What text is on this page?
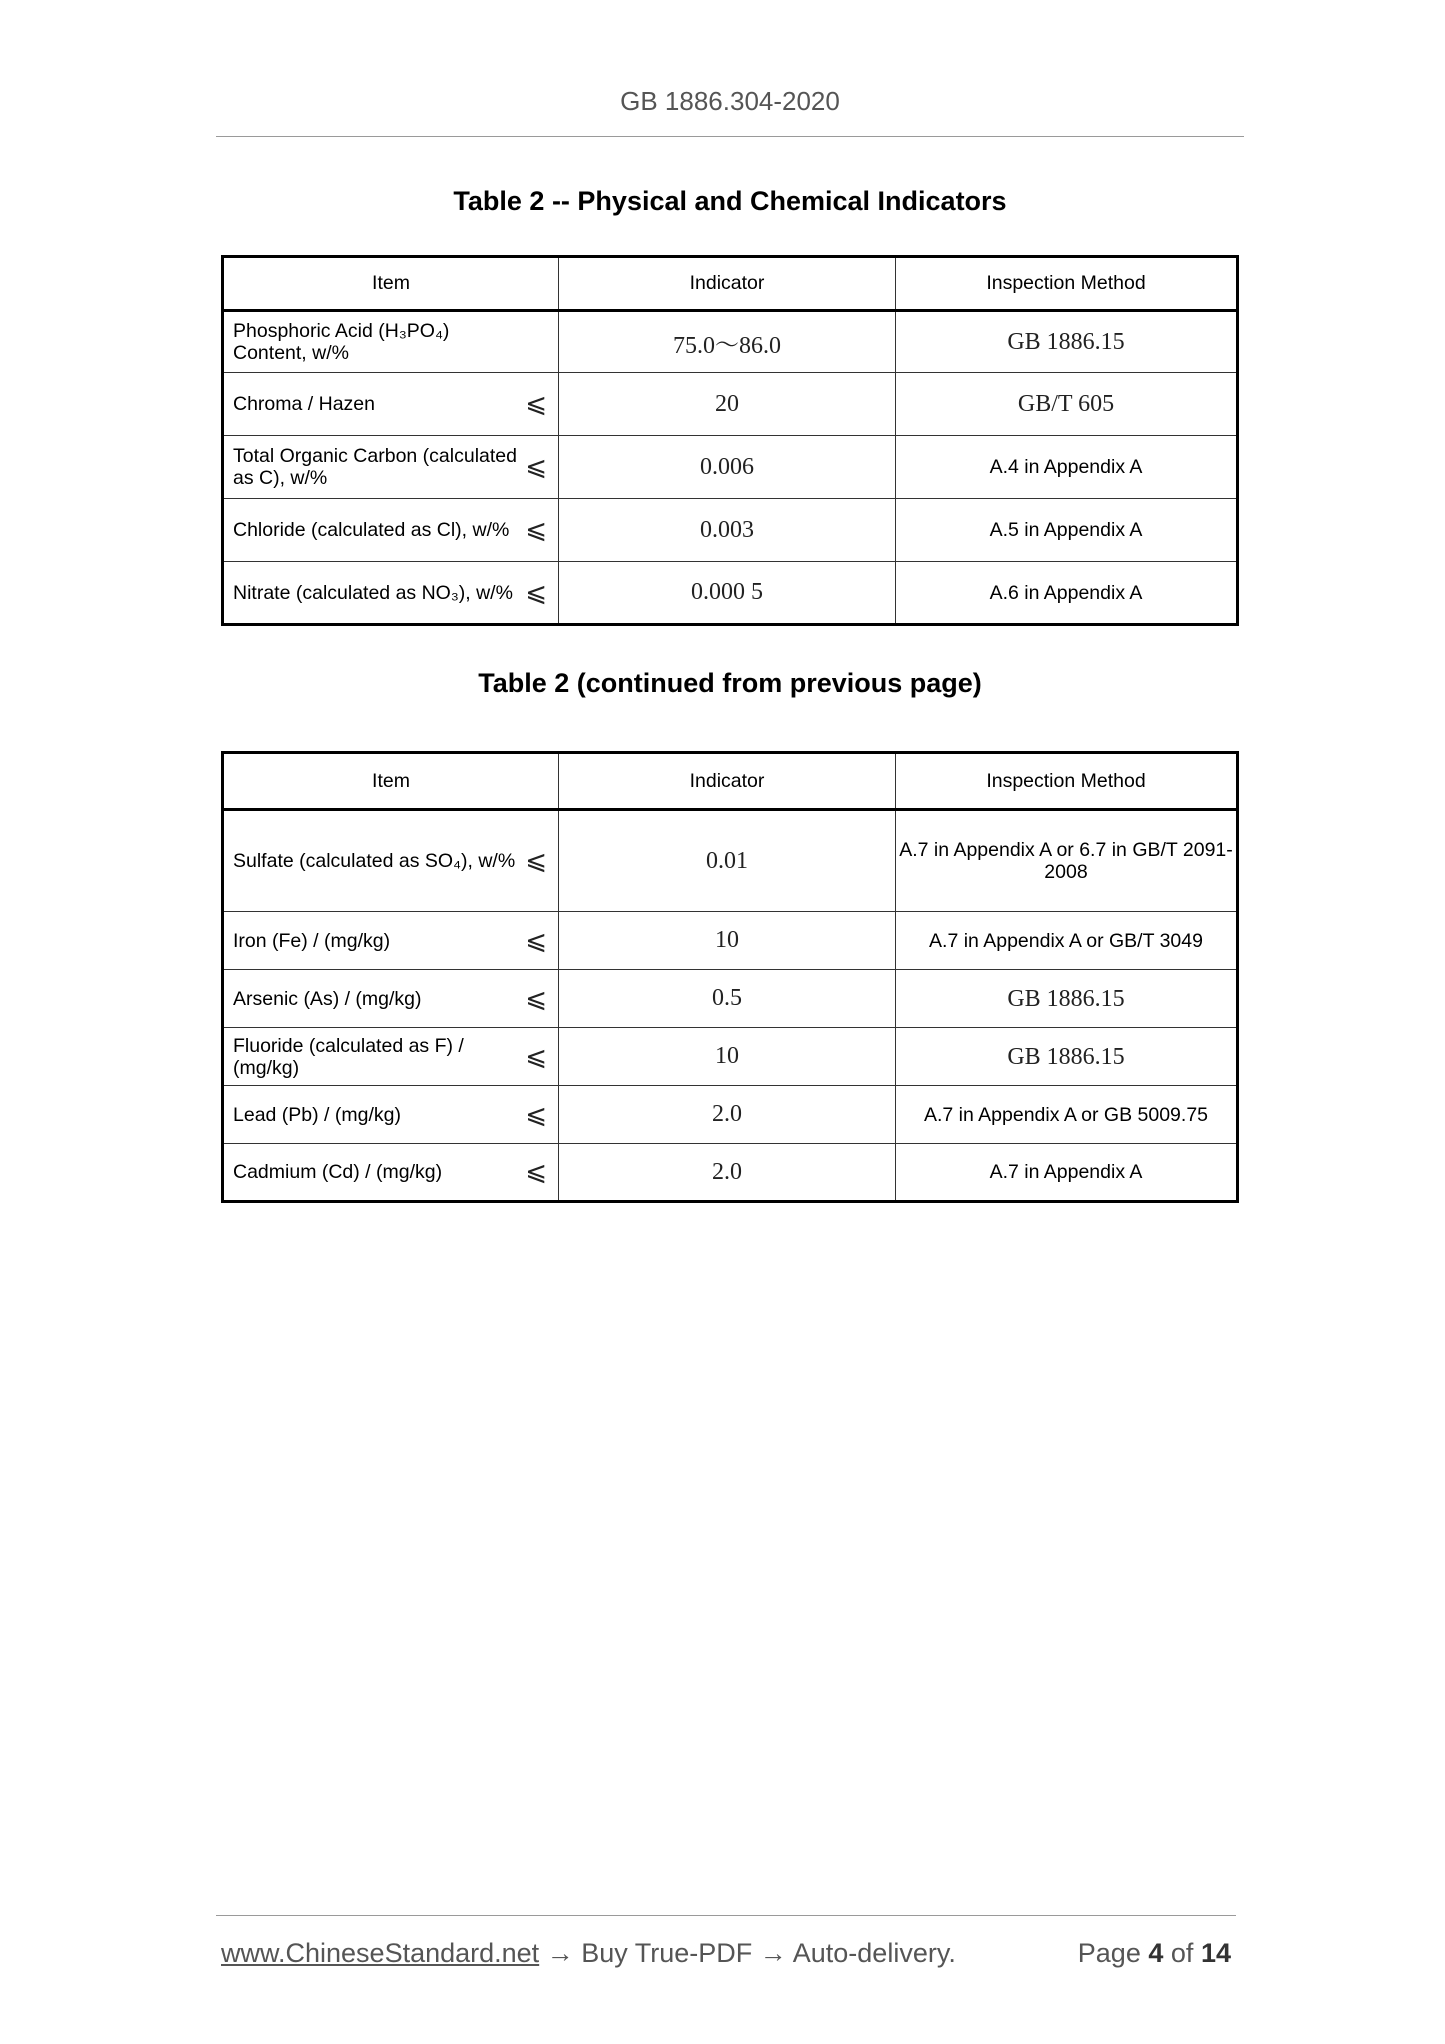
GB 1886.304-2020
Table 2 -- Physical and Chemical Indicators
Item	Indicator	Inspection Method

Phosphoric Acid (H₃PO₄) Content, w/%	75.0～86.0	GB 1886.15

Chroma / Hazen ⩽	20	GB/T 605

Total Organic Carbon (calculated as C), w/% ⩽	0.006	A.4 in Appendix A

Chloride (calculated as Cl), w/% ⩽	0.003	A.5 in Appendix A

Nitrate (calculated as NO₃), w/% ⩽	0.000 5	A.6 in Appendix A
Table 2 (continued from previous page)
Item	Indicator	Inspection Method

Sulfate (calculated as SO₄), w/% ⩽	0.01	A.7 in Appendix A or 6.7 in GB/T 2091-2008

Iron (Fe) / (mg/kg) ⩽	10	A.7 in Appendix A or GB/T 3049

Arsenic (As) / (mg/kg) ⩽	0.5	GB 1886.15

Fluoride (calculated as F) / (mg/kg) ⩽	10	GB 1886.15

Lead (Pb) / (mg/kg) ⩽	2.0	A.7 in Appendix A or GB 5009.75

Cadmium (Cd) / (mg/kg) ⩽	2.0	A.7 in Appendix A
www.ChineseStandard.net → Buy True-PDF → Auto-delivery.	Page 4 of 14
